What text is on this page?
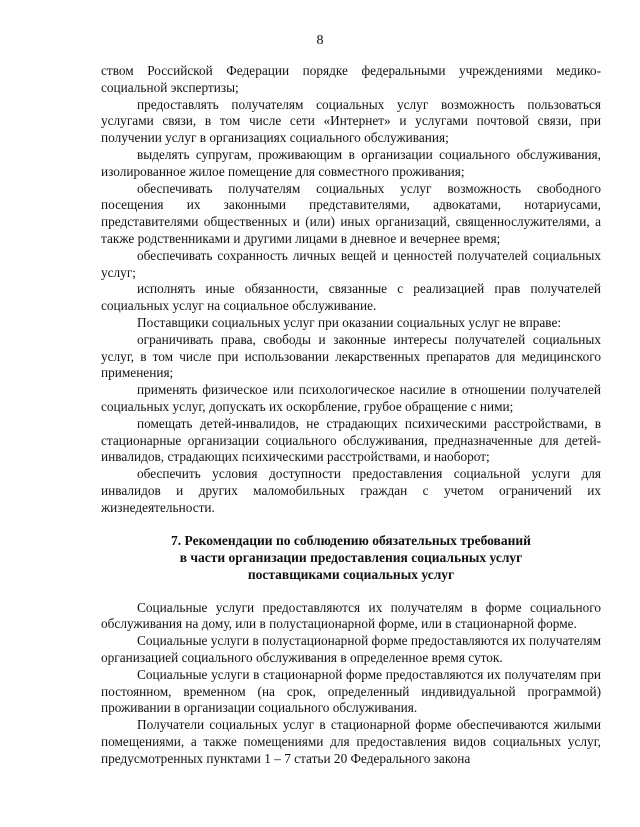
8

ством Российской Федерации порядке федеральными учреждениями медико-социальной экспертизы;

предоставлять получателям социальных услуг возможность пользоваться услугами связи, в том числе сети «Интернет» и услугами почтовой связи, при получении услуг в организациях социального обслуживания;

выделять супругам, проживающим в организации социального обслуживания, изолированное жилое помещение для совместного проживания;

обеспечивать получателям социальных услуг возможность свободного посещения их законными представителями, адвокатами, нотариусами, представителями общественных и (или) иных организаций, священнослужителями, а также родственниками и другими лицами в дневное и вечернее время;

обеспечивать сохранность личных вещей и ценностей получателей социальных услуг;

исполнять иные обязанности, связанные с реализацией прав получателей социальных услуг на социальное обслуживание.

Поставщики социальных услуг при оказании социальных услуг не вправе:

ограничивать права, свободы и законные интересы получателей социальных услуг, в том числе при использовании лекарственных препаратов для медицинского применения;

применять физическое или психологическое насилие в отношении получателей социальных услуг, допускать их оскорбление, грубое обращение с ними;

помещать детей-инвалидов, не страдающих психическими расстройствами, в стационарные организации социального обслуживания, предназначенные для детей-инвалидов, страдающих психическими расстройствами, и наоборот;

обеспечить условия доступности предоставления социальной услуги для инвалидов и других маломобильных граждан с учетом ограничений их жизнедеятельности.

7. Рекомендации по соблюдению обязательных требований
в части организации предоставления социальных услуг
поставщиками социальных услуг

Социальные услуги предоставляются их получателям в форме социального обслуживания на дому, или в полустационарной форме, или в стационарной форме.

Социальные услуги в полустационарной форме предоставляются их получателям организацией социального обслуживания в определенное время суток.

Социальные услуги в стационарной форме предоставляются их получателям при постоянном, временном (на срок, определенный индивидуальной программой) проживании в организации социального обслуживания.

Получатели социальных услуг в стационарной форме обеспечиваются жилыми помещениями, а также помещениями для предоставления видов социальных услуг, предусмотренных пунктами 1 – 7 статьи 20 Федерального закона
